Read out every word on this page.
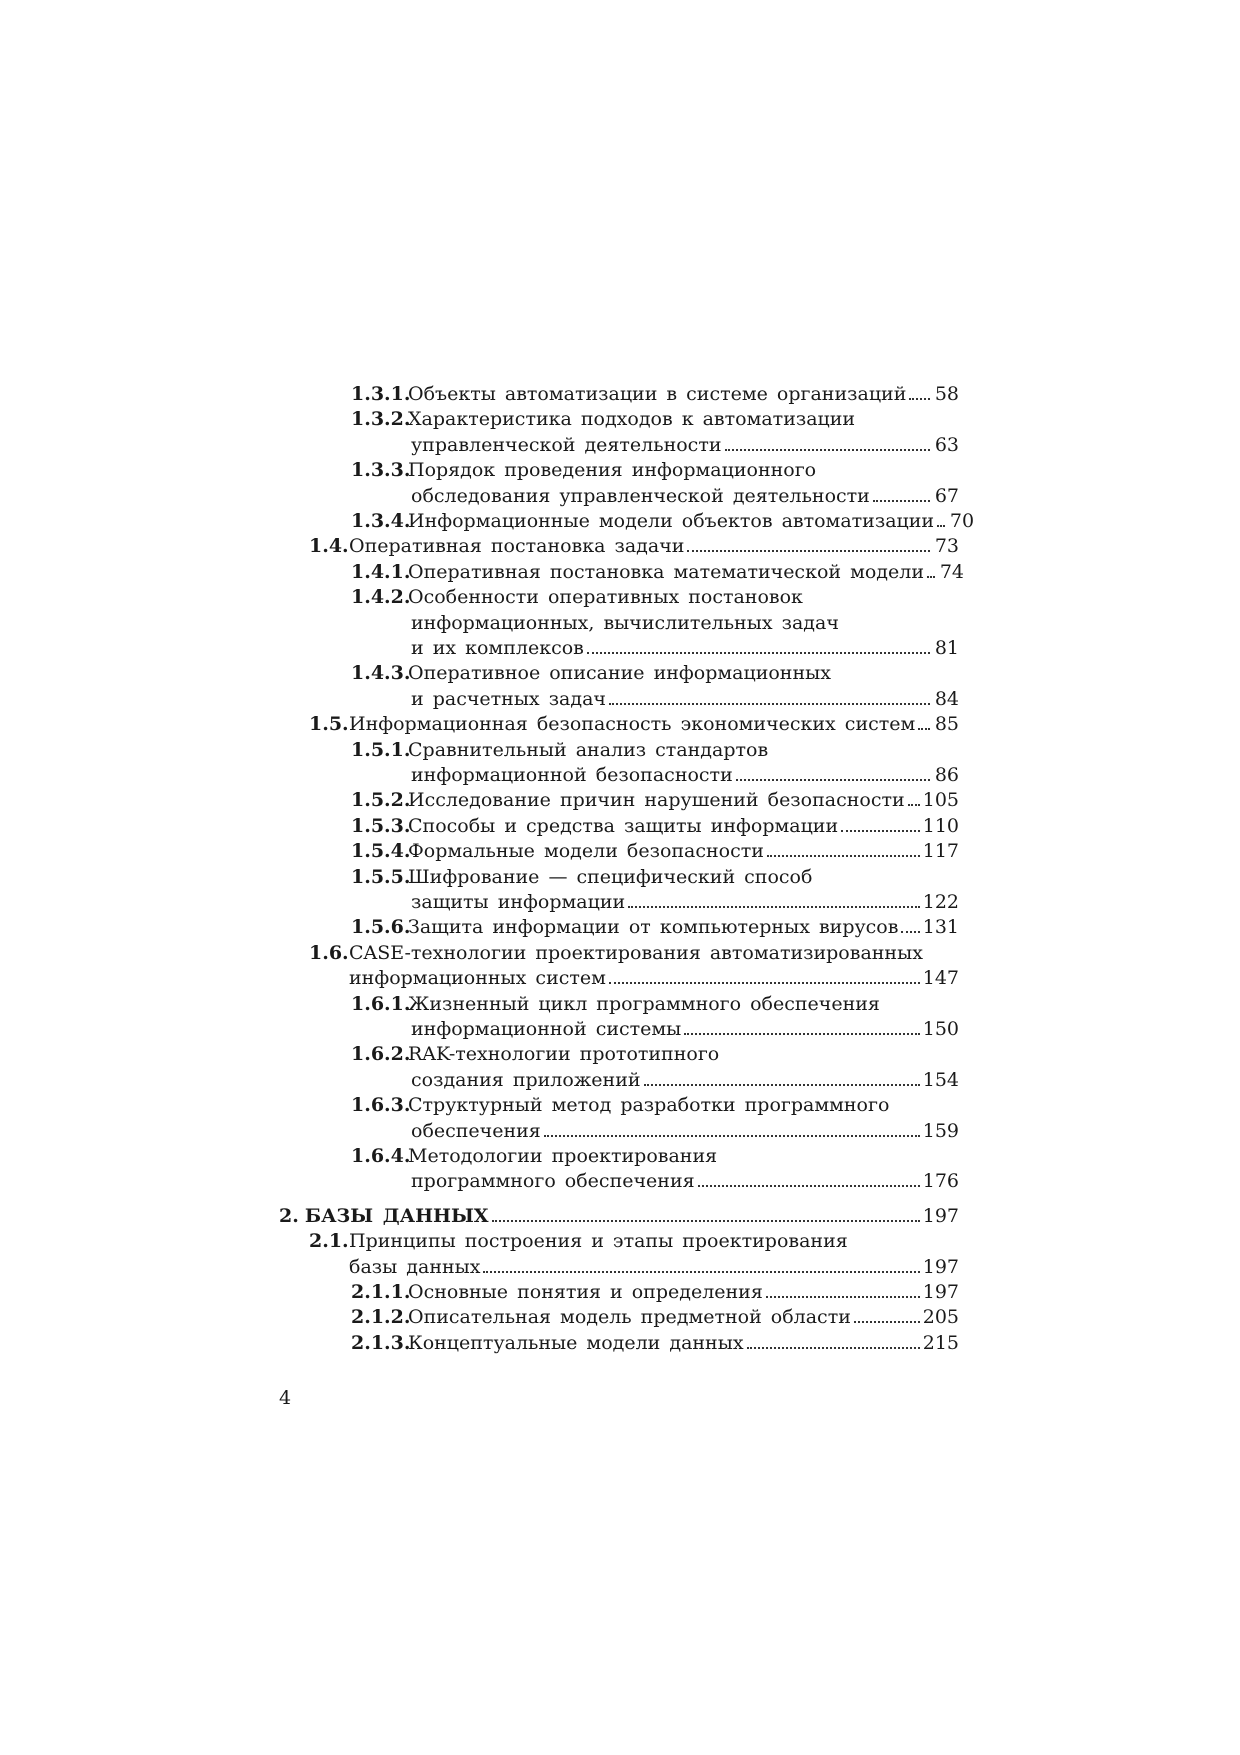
1.3.1.Объекты автоматизации в системе организаций 58
1.3.2.Характеристика подходов к автоматизации
управленческой деятельности	63
1.3.3.Порядок проведения информационного
обследования управленческой деятельности	67
1.3.4.Информационные модели объектов автоматизации 70
1.4.Оперативная постановка задачи	73
1.4.1.Оперативная постановка математической модели 74
1.4.2.Особенности оперативных постановок
информационных, вычислительных задач
и их комплексов	81
1.4.3.Оперативное описание информационных
и расчетных задач	84
1.5.Информационная безопасность экономических систем 85
1.5.1.Сравнительный анализ стандартов
информационной безопасности	86
1.5.2.Исследование причин нарушений безопасности 105
1.5.3.Способы и средства защиты информации	110
1.5.4.Формальные модели безопасности	117
1.5.5.Шифрование — специфический способ
защиты информации	122
1.5.6.Защита информации от компьютерных вирусов 131
1.6.CASE-технологии проектирования автоматизированных
информационных систем	147
1.6.1.Жизненный цикл программного обеспечения
информационной системы	150
1.6.2.RAK-технологии прототипного
создания приложений	154
1.6.3.Структурный метод разработки программного
обеспечения	159
1.6.4.Методологии проектирования
программного обеспечения	176
2. БАЗЫ ДАННЫХ	197
2.1.Принципы построения и этапы проектирования
базы данных	197
2.1.1.Основные понятия и определения	197
2.1.2.Описательная модель предметной области	205
2.1.3.Концептуальные модели данных	215
4
